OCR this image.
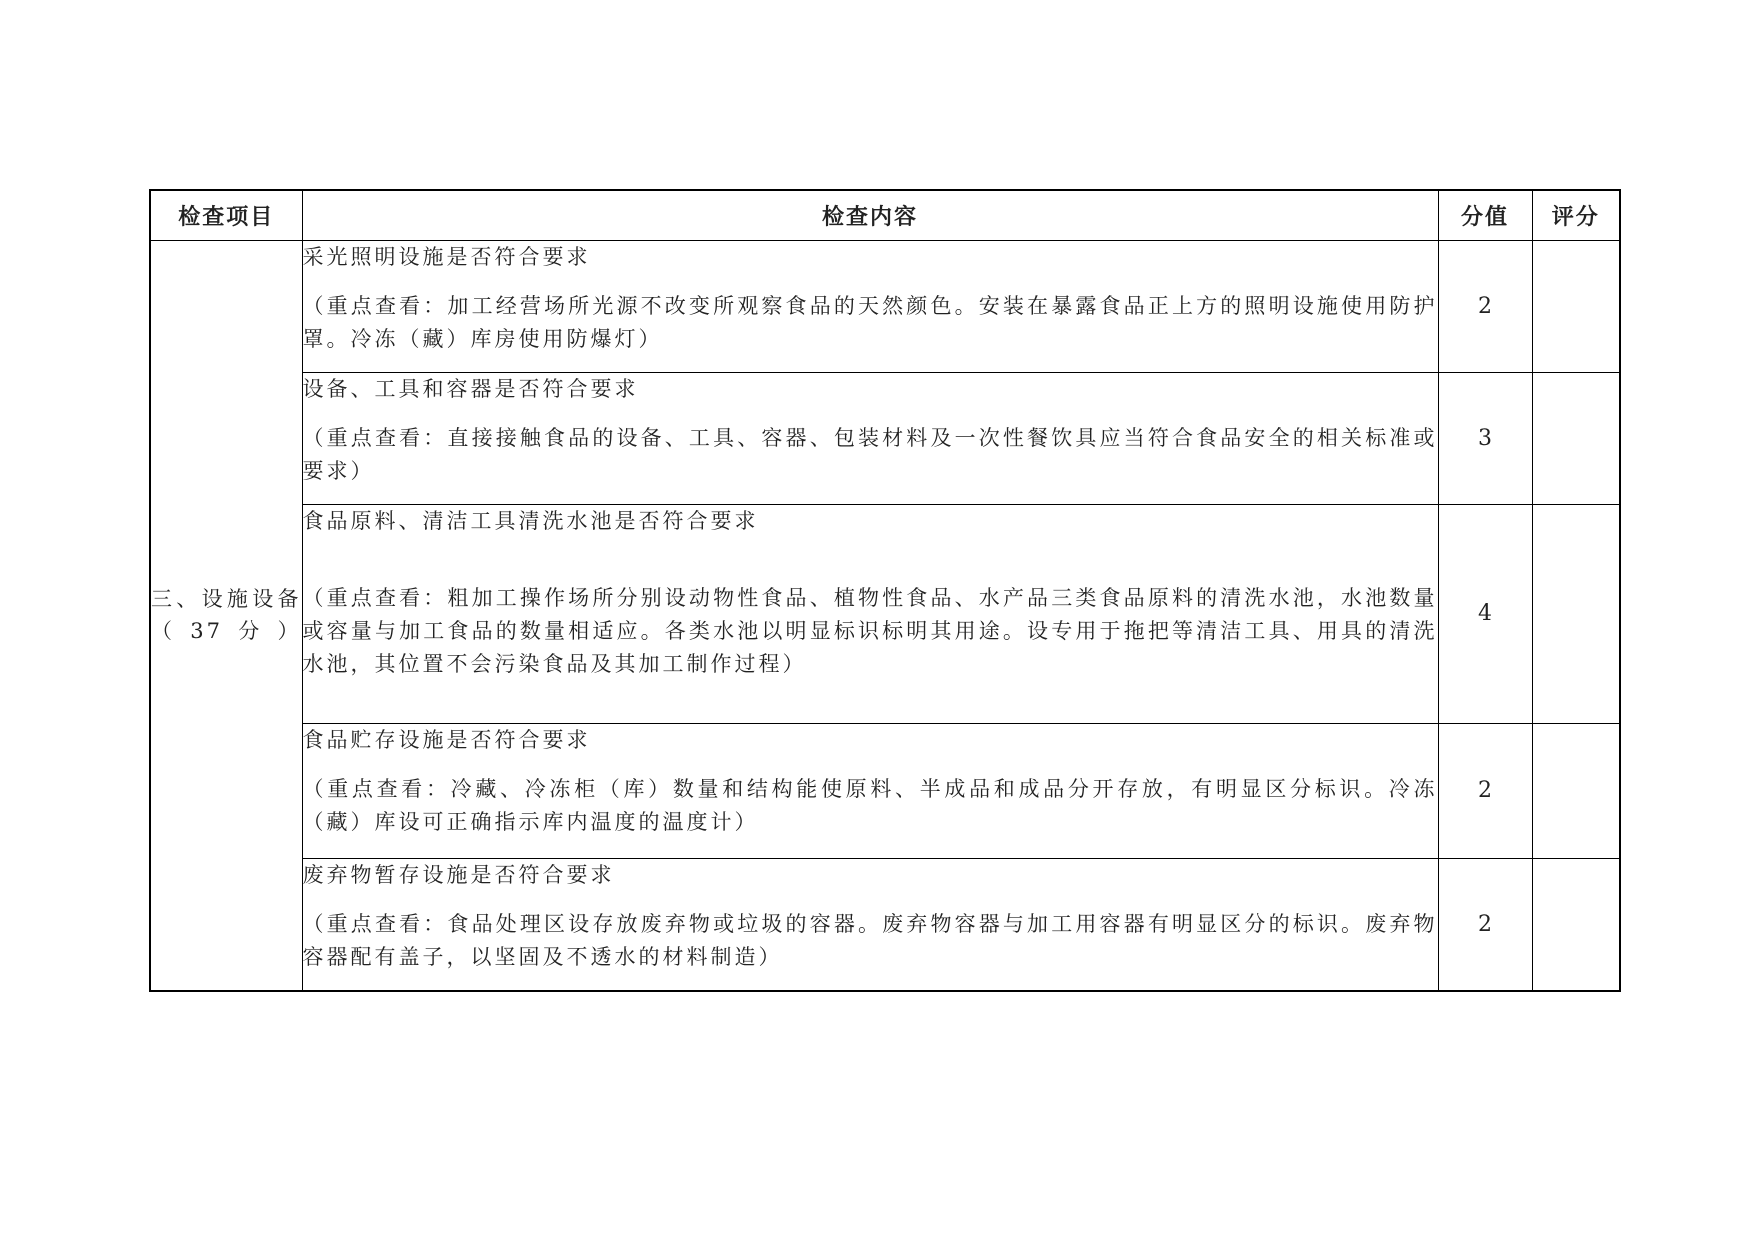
检查项目	检查内容	分值	评分
三、设施设备（37分）	采光照明设施是否符合要求
（重点查看：加工经营场所光源不改变所观察食品的天然颜色。安装在暴露食品正上方的照明设施使用防护罩。冷冻（藏）库房使用防爆灯）	2	

	设备、工具和容器是否符合要求
（重点查看：直接接触食品的设备、工具、容器、包装材料及一次性餐饮具应当符合食品安全的相关标准或要求）	3	

	食品原料、清洁工具清洗水池是否符合要求
（重点查看：粗加工操作场所分别设动物性食品、植物性食品、水产品三类食品原料的清洗水池，水池数量或容量与加工食品的数量相适应。各类水池以明显标识标明其用途。设专用于拖把等清洁工具、用具的清洗水池，其位置不会污染食品及其加工制作过程）	4	

	食品贮存设施是否符合要求
（重点查看：冷藏、冷冻柜（库）数量和结构能使原料、半成品和成品分开存放，有明显区分标识。冷冻（藏）库设可正确指示库内温度的温度计）	2	

	废弃物暂存设施是否符合要求
（重点查看：食品处理区设存放废弃物或垃圾的容器。废弃物容器与加工用容器有明显区分的标识。废弃物容器配有盖子，以坚固及不透水的材料制造）	2	
